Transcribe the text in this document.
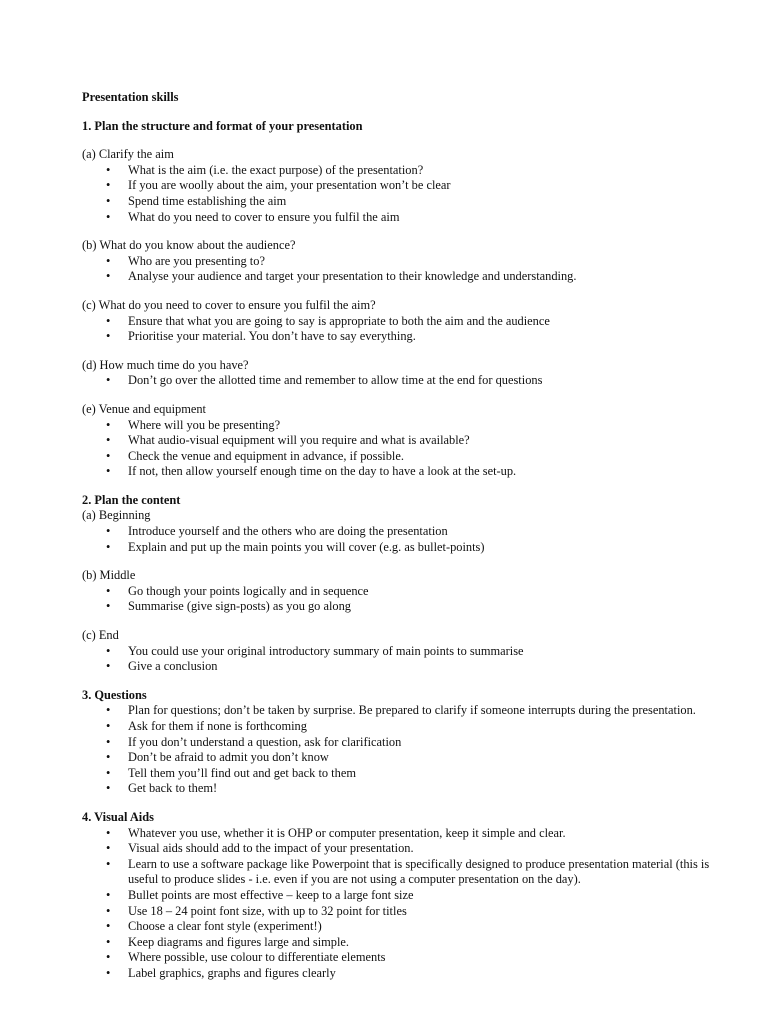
Presentation skills
1. Plan the structure and format of your presentation
(a) Clarify the aim
• What is the aim (i.e. the exact purpose) of the presentation?
• If you are woolly about the aim, your presentation won’t be clear
• Spend time establishing the aim
• What do you need to cover to ensure you fulfil the aim
(b) What do you know about the audience?
• Who are you presenting to?
• Analyse your audience and target your presentation to their knowledge and understanding.
(c) What do you need to cover to ensure you fulfil the aim?
• Ensure that what you are going to say is appropriate to both the aim and the audience
• Prioritise your material. You don’t have to say everything.
(d) How much time do you have?
• Don’t go over the allotted time and remember to allow time at the end for questions
(e) Venue and equipment
• Where will you be presenting?
• What audio-visual equipment will you require and what is available?
• Check the venue and equipment in advance, if possible.
• If not, then allow yourself enough time on the day to have a look at the set-up.
2. Plan the content
(a) Beginning
• Introduce yourself and the others who are doing the presentation
• Explain and put up the main points you will cover (e.g. as bullet-points)
(b) Middle
• Go though your points logically and in sequence
• Summarise (give sign-posts) as you go along
(c) End
• You could use your original introductory summary of main points to summarise
• Give a conclusion
3. Questions
• Plan for questions; don’t be taken by surprise. Be prepared to clarify if someone interrupts during the presentation.
• Ask for them if none is forthcoming
• If you don’t understand a question, ask for clarification
• Don’t be afraid to admit you don’t know
• Tell them you’ll find out and get back to them
• Get back to them!
4. Visual Aids
• Whatever you use, whether it is OHP or computer presentation, keep it simple and clear.
• Visual aids should add to the impact of your presentation.
• Learn to use a software package like Powerpoint that is specifically designed to produce presentation material (this is useful to produce slides - i.e. even if you are not using a computer presentation on the day).
• Bullet points are most effective – keep to a large font size
• Use 18 – 24 point font size, with up to 32 point for titles
• Choose a clear font style (experiment!)
• Keep diagrams and figures large and simple.
• Where possible, use colour to differentiate elements
• Label graphics, graphs and figures clearly
